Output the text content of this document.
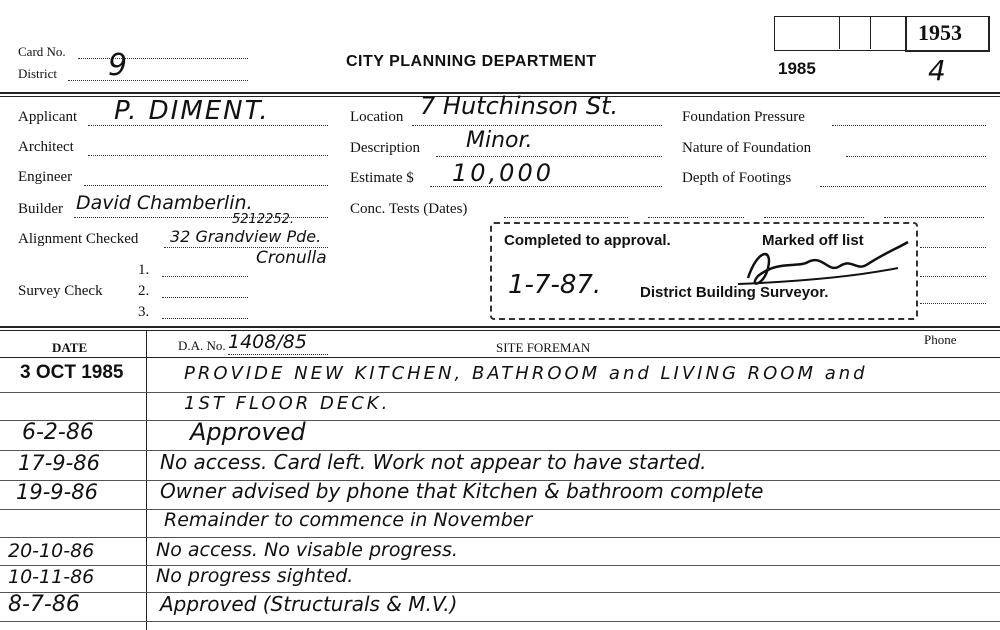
Card No.
District 9	CITY PLANNING DEPARTMENT
1953
1985	4
Applicant P. DIMENT.
Architect
Engineer
Builder David Chamberlin.
5212252.
Alignment Checked 32 Grandview Pde.
Cronulla
1.
Survey Check 2.
3.
Location 7 Hutchinson St.
Description Minor.
Estimate $ 10,000
Conc. Tests (Dates)
Foundation Pressure
Nature of Foundation
Depth of Footings
Completed to approval.	Marked off list
1-7-87.	District Building Surveyor.
DATE	D.A. No. 1408/85	SITE FOREMAN
Phone
3 OCT 1985	PROVIDE NEW KITCHEN, BATHROOM and LIVING ROOM and
1ST FLOOR DECK.
6-2-86	Approved
17-9-86	No access. Card left. Work not appear to have started.
19-9-86	Owner advised by phone that Kitchen & bathroom complete
Remainder to commence in November
20-10-86	No access. No visable progress.
10-11-86	No progress sighted.
8-7-86	Approved (Structurals & M.V.)
